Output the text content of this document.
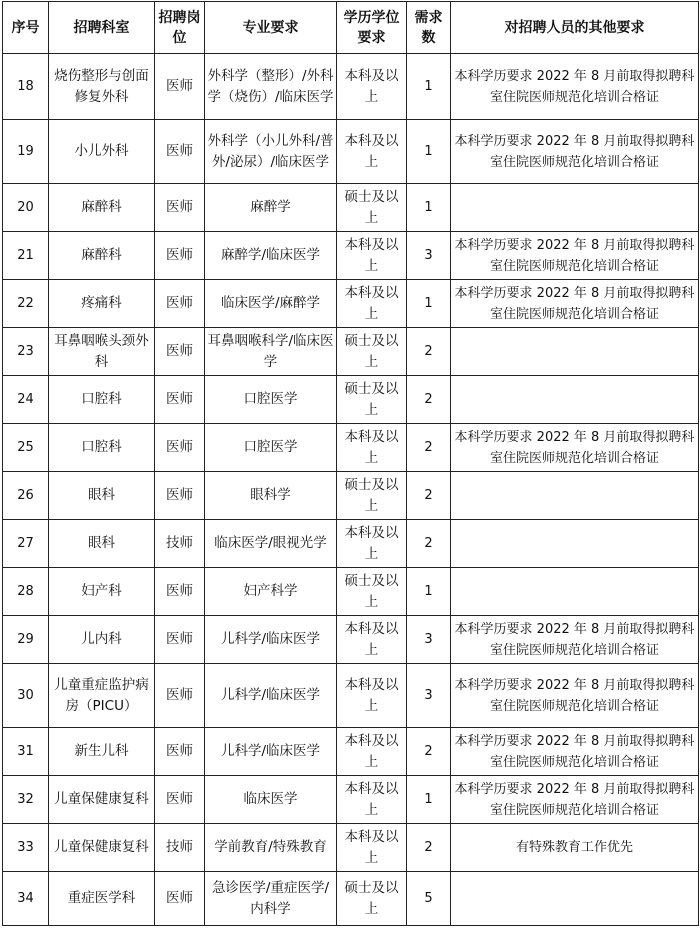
序号	招聘科室	招聘岗位	专业要求	学历学位要求	需求数	对招聘人员的其他要求
18	烧伤整形与创面修复外科	医师	外科学（整形）/外科学（烧伤）/临床医学	本科及以上	1	本科学历要求 2022 年 8 月前取得拟聘科室住院医师规范化培训合格证
19	小儿外科	医师	外科学（小儿外科/普外/泌尿）/临床医学	本科及以上	1	本科学历要求 2022 年 8 月前取得拟聘科室住院医师规范化培训合格证
20	麻醉科	医师	麻醉学	硕士及以上	1	
21	麻醉科	医师	麻醉学/临床医学	本科及以上	3	本科学历要求 2022 年 8 月前取得拟聘科室住院医师规范化培训合格证
22	疼痛科	医师	临床医学/麻醉学	本科及以上	1	本科学历要求 2022 年 8 月前取得拟聘科室住院医师规范化培训合格证
23	耳鼻咽喉头颈外科	医师	耳鼻咽喉科学/临床医学	硕士及以上	2	
24	口腔科	医师	口腔医学	硕士及以上	2	
25	口腔科	医师	口腔医学	本科及以上	2	本科学历要求 2022 年 8 月前取得拟聘科室住院医师规范化培训合格证
26	眼科	医师	眼科学	硕士及以上	2	
27	眼科	技师	临床医学/眼视光学	本科及以上	2	
28	妇产科	医师	妇产科学	硕士及以上	1	
29	儿内科	医师	儿科学/临床医学	本科及以上	3	本科学历要求 2022 年 8 月前取得拟聘科室住院医师规范化培训合格证
30	儿童重症监护病房（PICU）	医师	儿科学/临床医学	本科及以上	3	本科学历要求 2022 年 8 月前取得拟聘科室住院医师规范化培训合格证
31	新生儿科	医师	儿科学/临床医学	本科及以上	2	本科学历要求 2022 年 8 月前取得拟聘科室住院医师规范化培训合格证
32	儿童保健康复科	医师	临床医学	本科及以上	1	本科学历要求 2022 年 8 月前取得拟聘科室住院医师规范化培训合格证
33	儿童保健康复科	技师	学前教育/特殊教育	本科及以上	2	有特殊教育工作优先
34	重症医学科	医师	急诊医学/重症医学/内科学	硕士及以上	5	
